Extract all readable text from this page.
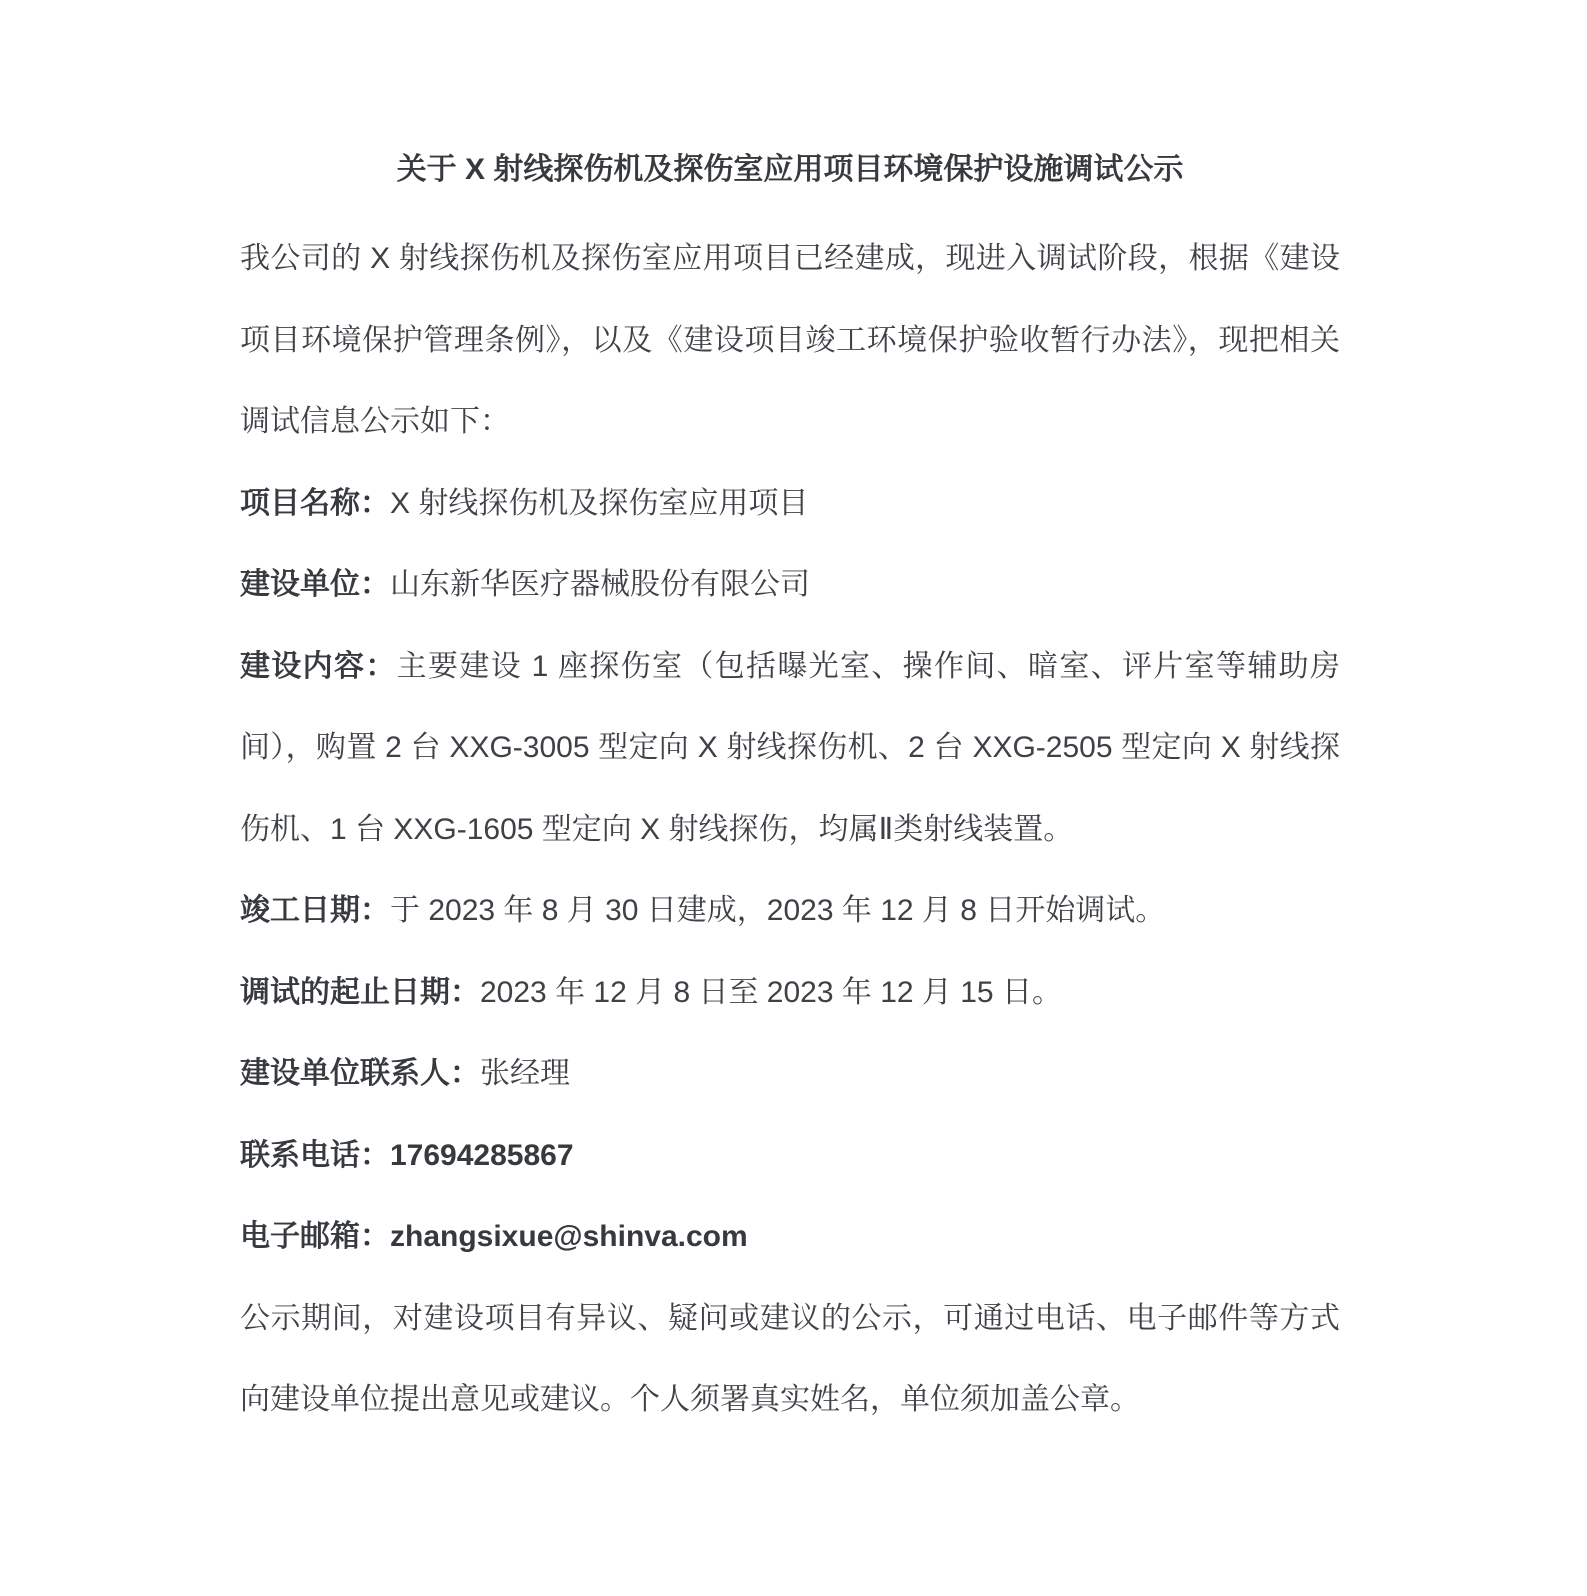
关于 X 射线探伤机及探伤室应用项目环境保护设施调试公示

我公司的 X 射线探伤机及探伤室应用项目已经建成，现进入调试阶段，根据《建设项目环境保护管理条例》，以及《建设项目竣工环境保护验收暂行办法》，现把相关调试信息公示如下：

项目名称：X 射线探伤机及探伤室应用项目

建设单位：山东新华医疗器械股份有限公司

建设内容：主要建设 1 座探伤室（包括曝光室、操作间、暗室、评片室等辅助房间），购置 2 台 XXG-3005 型定向 X 射线探伤机、2 台 XXG-2505 型定向 X 射线探伤机、1 台 XXG-1605 型定向 X 射线探伤，均属Ⅱ类射线装置。

竣工日期：于 2023 年 8 月 30 日建成，2023 年 12 月 8 日开始调试。

调试的起止日期：2023 年 12 月 8 日至 2023 年 12 月 15 日。

建设单位联系人：张经理

联系电话：17694285867

电子邮箱：zhangsixue@shinva.com

公示期间，对建设项目有异议、疑问或建议的公示，可通过电话、电子邮件等方式向建设单位提出意见或建议。个人须署真实姓名，单位须加盖公章。
